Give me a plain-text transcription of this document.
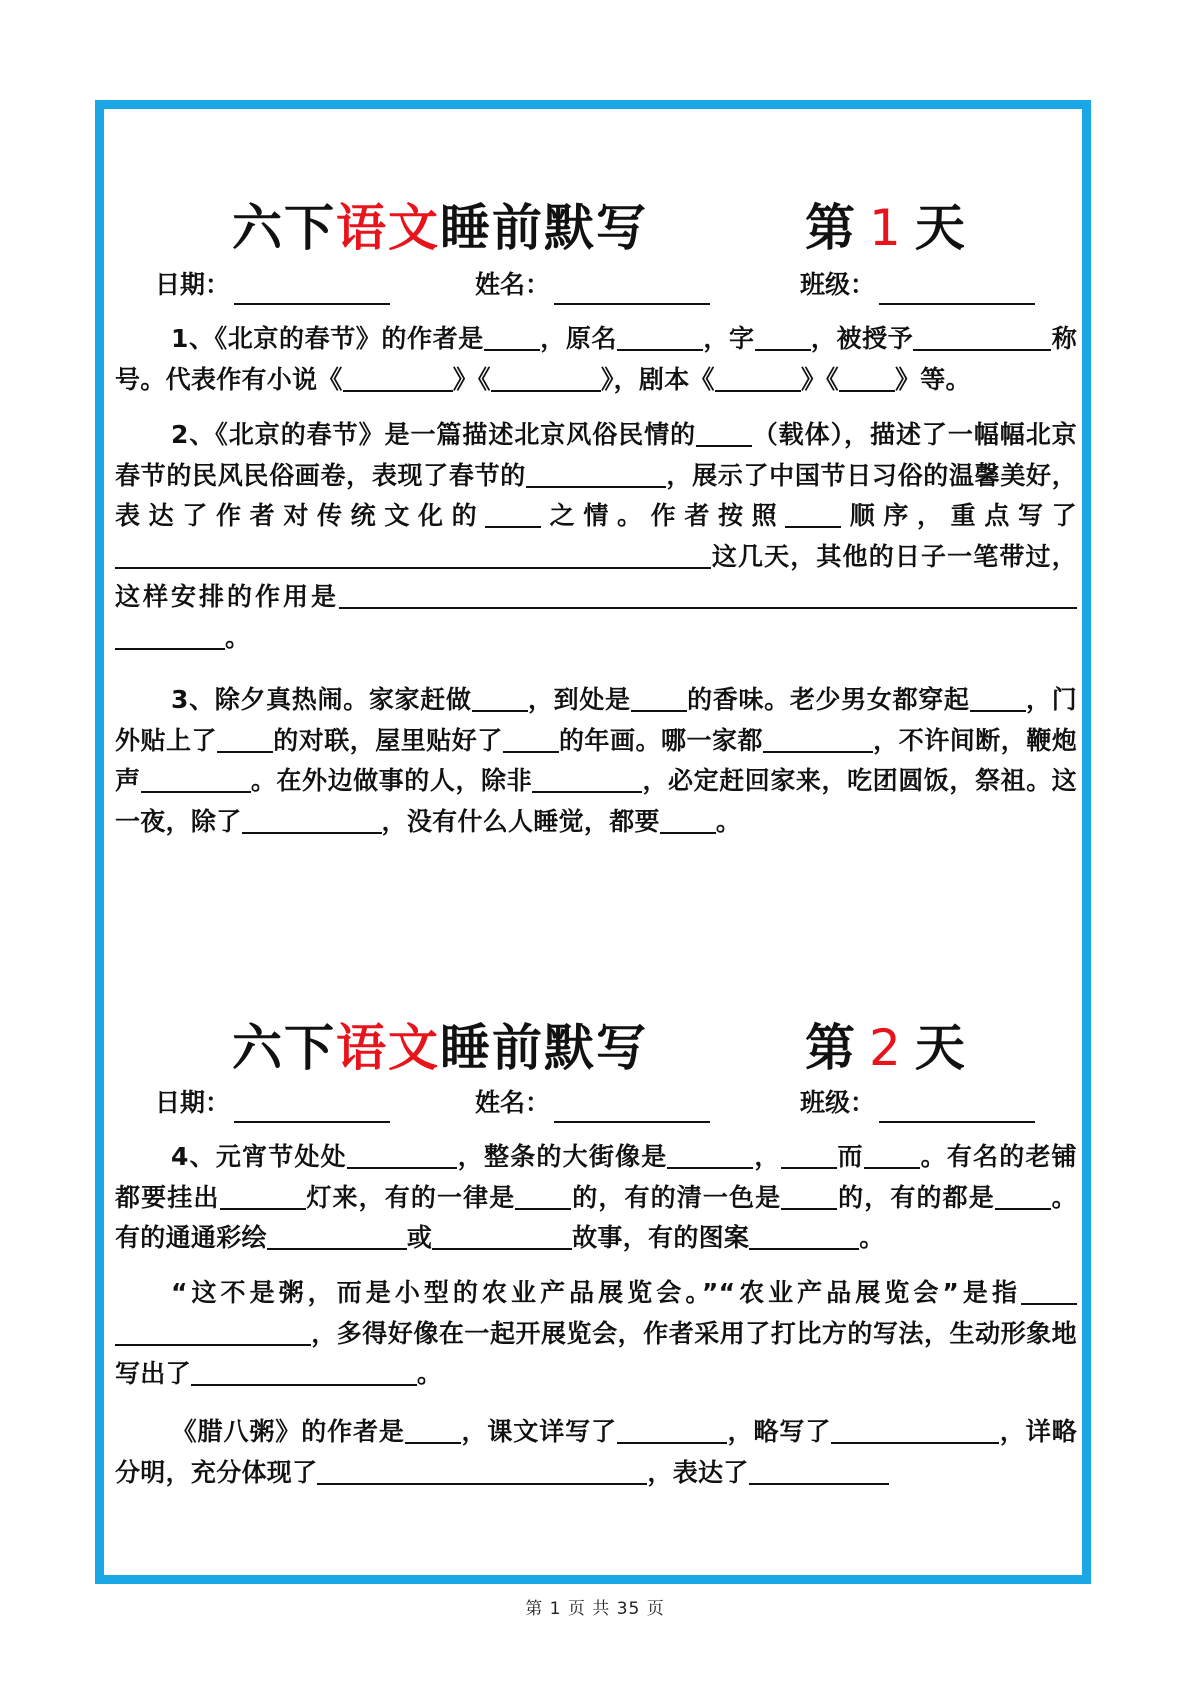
六下语文睡前默写	第 1 天
日期：	姓名：	班级：
1、《北京的春节》的作者是 ，原名	，字 ，被授予	称号。代表作有小说《	》《	》，剧本《	》《 》等。
2、《北京的春节》是一篇描述北京风俗民情的 （载体），描述了一幅幅北京春节的民风民俗画卷，表现了春节的	，展示了中国节日习俗的温馨美好，表达了作者对传统文化的 之情。作者按照 顺序，重点写了这几天，其他的日子一笔带过，这样安排的作用是。
3、除夕真热闹。家家赶做 ，到处是 的香味。老少男女都穿起 ，门外贴上了 的对联，屋里贴好了 的年画。哪一家都	，不许间断，鞭炮声	。在外边做事的人，除非	，必定赶回家来，吃团圆饭，祭祖。这一夜，除了	，没有什么人睡觉，都要 。
六下语文睡前默写	第 2 天
日期：	姓名：	班级：
4、元宵节处处	，整条的大街像是	， 而 。有名的老铺都要挂出	灯来，有的一律是 的，有的清一色是 的，有的都是 。有的通通彩绘	或	故事，有的图案	。
“这不是粥，而是小型的农业产品展览会。”“农业产品展览会”是指，多得好像在一起开展览会，作者采用了打比方的写法，生动形象地写出了	。
《腊八粥》的作者是 ，课文详写了	，略写了	，详略分明，充分体现了	，表达了
第 1 页 共 35 页
